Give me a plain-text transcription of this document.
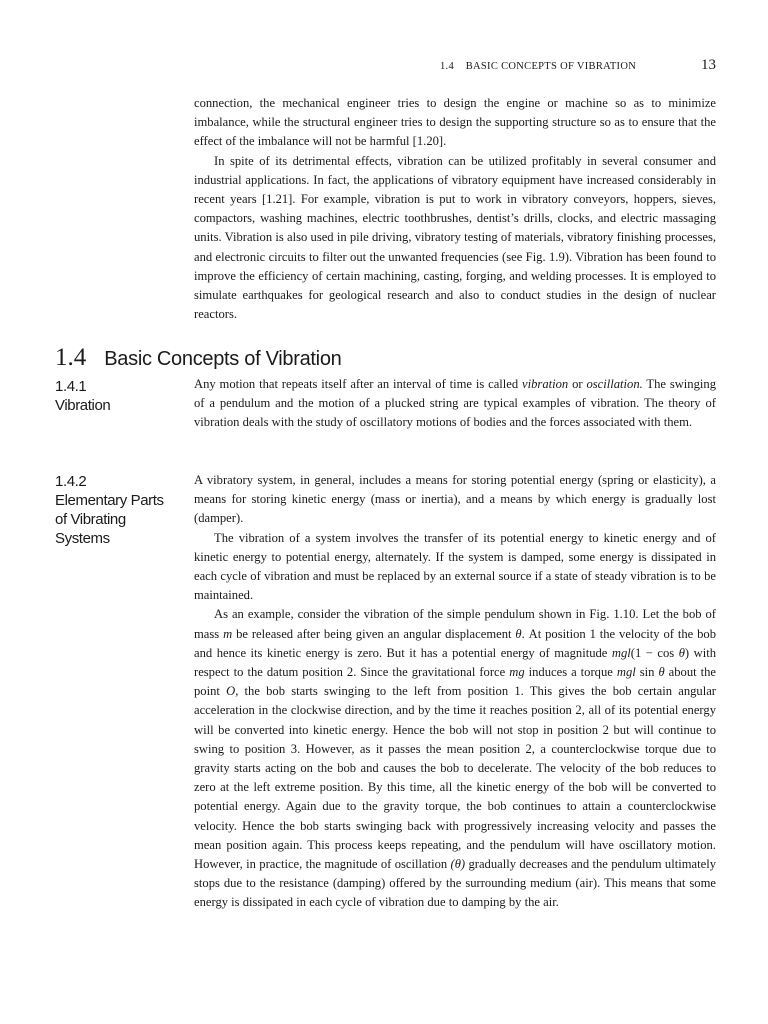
1.4    BASIC CONCEPTS OF VIBRATION	13

connection, the mechanical engineer tries to design the engine or machine so as to minimize imbalance, while the structural engineer tries to design the supporting structure so as to ensure that the effect of the imbalance will not be harmful [1.20].

In spite of its detrimental effects, vibration can be utilized profitably in several consumer and industrial applications. In fact, the applications of vibratory equipment have increased considerably in recent years [1.21]. For example, vibration is put to work in vibratory conveyors, hoppers, sieves, compactors, washing machines, electric toothbrushes, dentist’s drills, clocks, and electric massaging units. Vibration is also used in pile driving, vibratory testing of materials, vibratory finishing processes, and electronic circuits to filter out the unwanted frequencies (see Fig. 1.9). Vibration has been found to improve the efficiency of certain machining, casting, forging, and welding processes. It is employed to simulate earthquakes for geological research and also to conduct studies in the design of nuclear reactors.

1.4 Basic Concepts of Vibration
1.4.1
Vibration

Any motion that repeats itself after an interval of time is called vibration or oscillation. The swinging of a pendulum and the motion of a plucked string are typical examples of vibration. The theory of vibration deals with the study of oscillatory motions of bodies and the forces associated with them.

1.4.2
Elementary Parts
of Vibrating
Systems

A vibratory system, in general, includes a means for storing potential energy (spring or elasticity), a means for storing kinetic energy (mass or inertia), and a means by which energy is gradually lost (damper).

The vibration of a system involves the transfer of its potential energy to kinetic energy and of kinetic energy to potential energy, alternately. If the system is damped, some energy is dissipated in each cycle of vibration and must be replaced by an external source if a state of steady vibration is to be maintained.

As an example, consider the vibration of the simple pendulum shown in Fig. 1.10. Let the bob of mass m be released after being given an angular displacement θ. At position 1 the velocity of the bob and hence its kinetic energy is zero. But it has a potential energy of magnitude mgl(1 − cos θ) with respect to the datum position 2. Since the gravitational force mg induces a torque mgl sin θ about the point O, the bob starts swinging to the left from position 1. This gives the bob certain angular acceleration in the clockwise direction, and by the time it reaches position 2, all of its potential energy will be converted into kinetic energy. Hence the bob will not stop in position 2 but will continue to swing to position 3. However, as it passes the mean position 2, a counterclockwise torque due to gravity starts acting on the bob and causes the bob to decelerate. The velocity of the bob reduces to zero at the left extreme position. By this time, all the kinetic energy of the bob will be converted to potential energy. Again due to the gravity torque, the bob continues to attain a counterclockwise velocity. Hence the bob starts swinging back with progressively increasing velocity and passes the mean position again. This process keeps repeating, and the pendulum will have oscillatory motion. However, in practice, the magnitude of oscillation (θ) gradually decreases and the pendulum ultimately stops due to the resistance (damping) offered by the surrounding medium (air). This means that some energy is dissipated in each cycle of vibration due to damping by the air.
